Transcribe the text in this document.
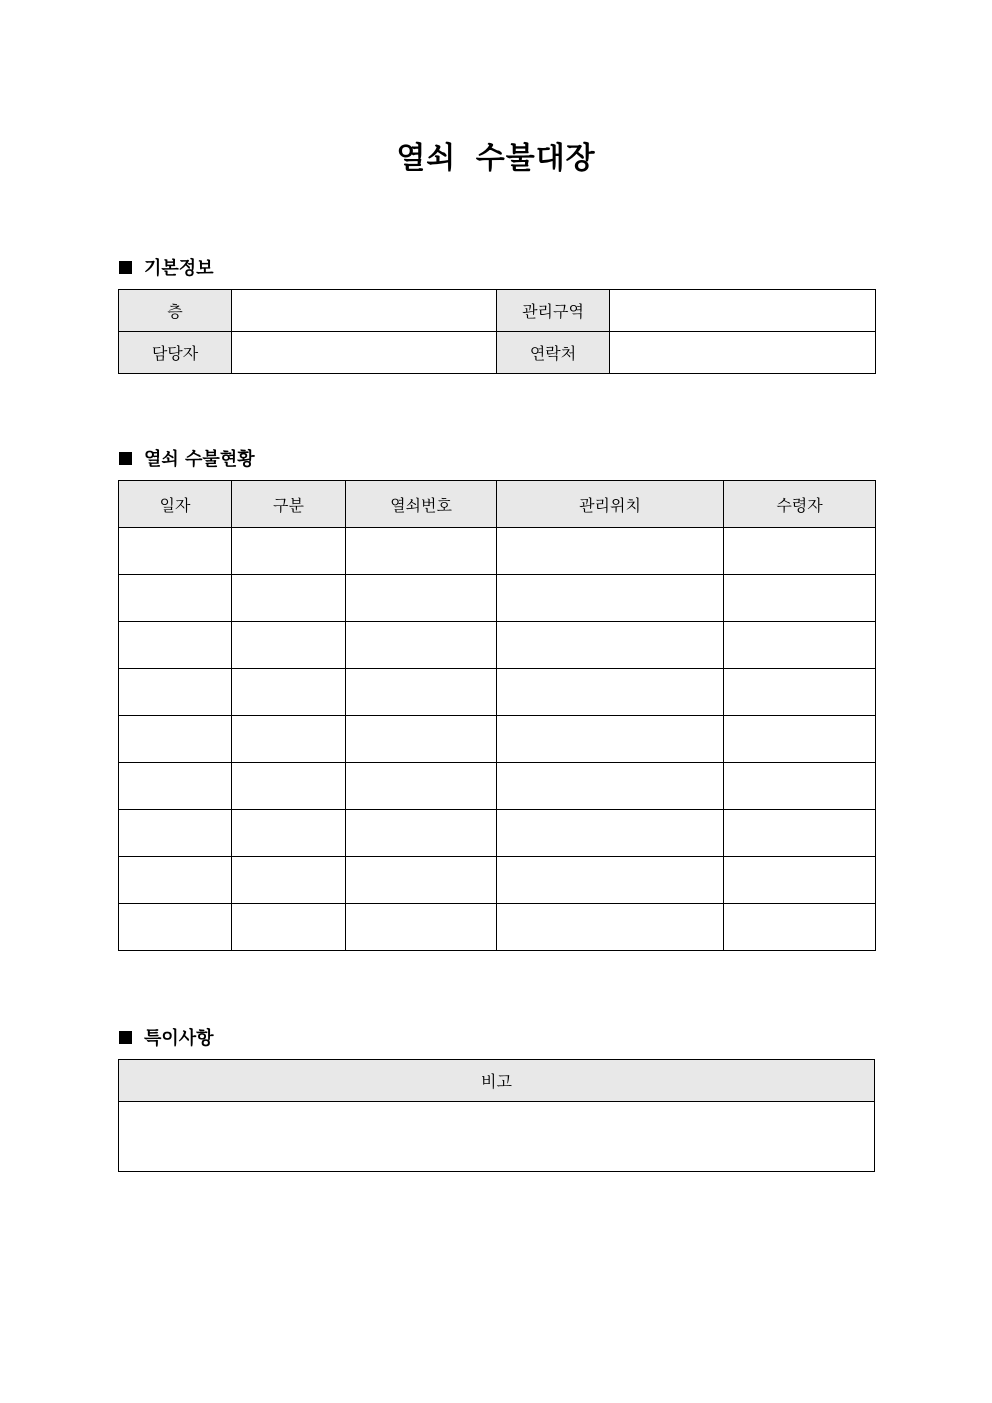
열쇠 수불대장
기본정보
층		관리구역	
담당자		연락처	
열쇠 수불현황
일자	구분	열쇠번호	관리위치	수령자

특이사항
비고
